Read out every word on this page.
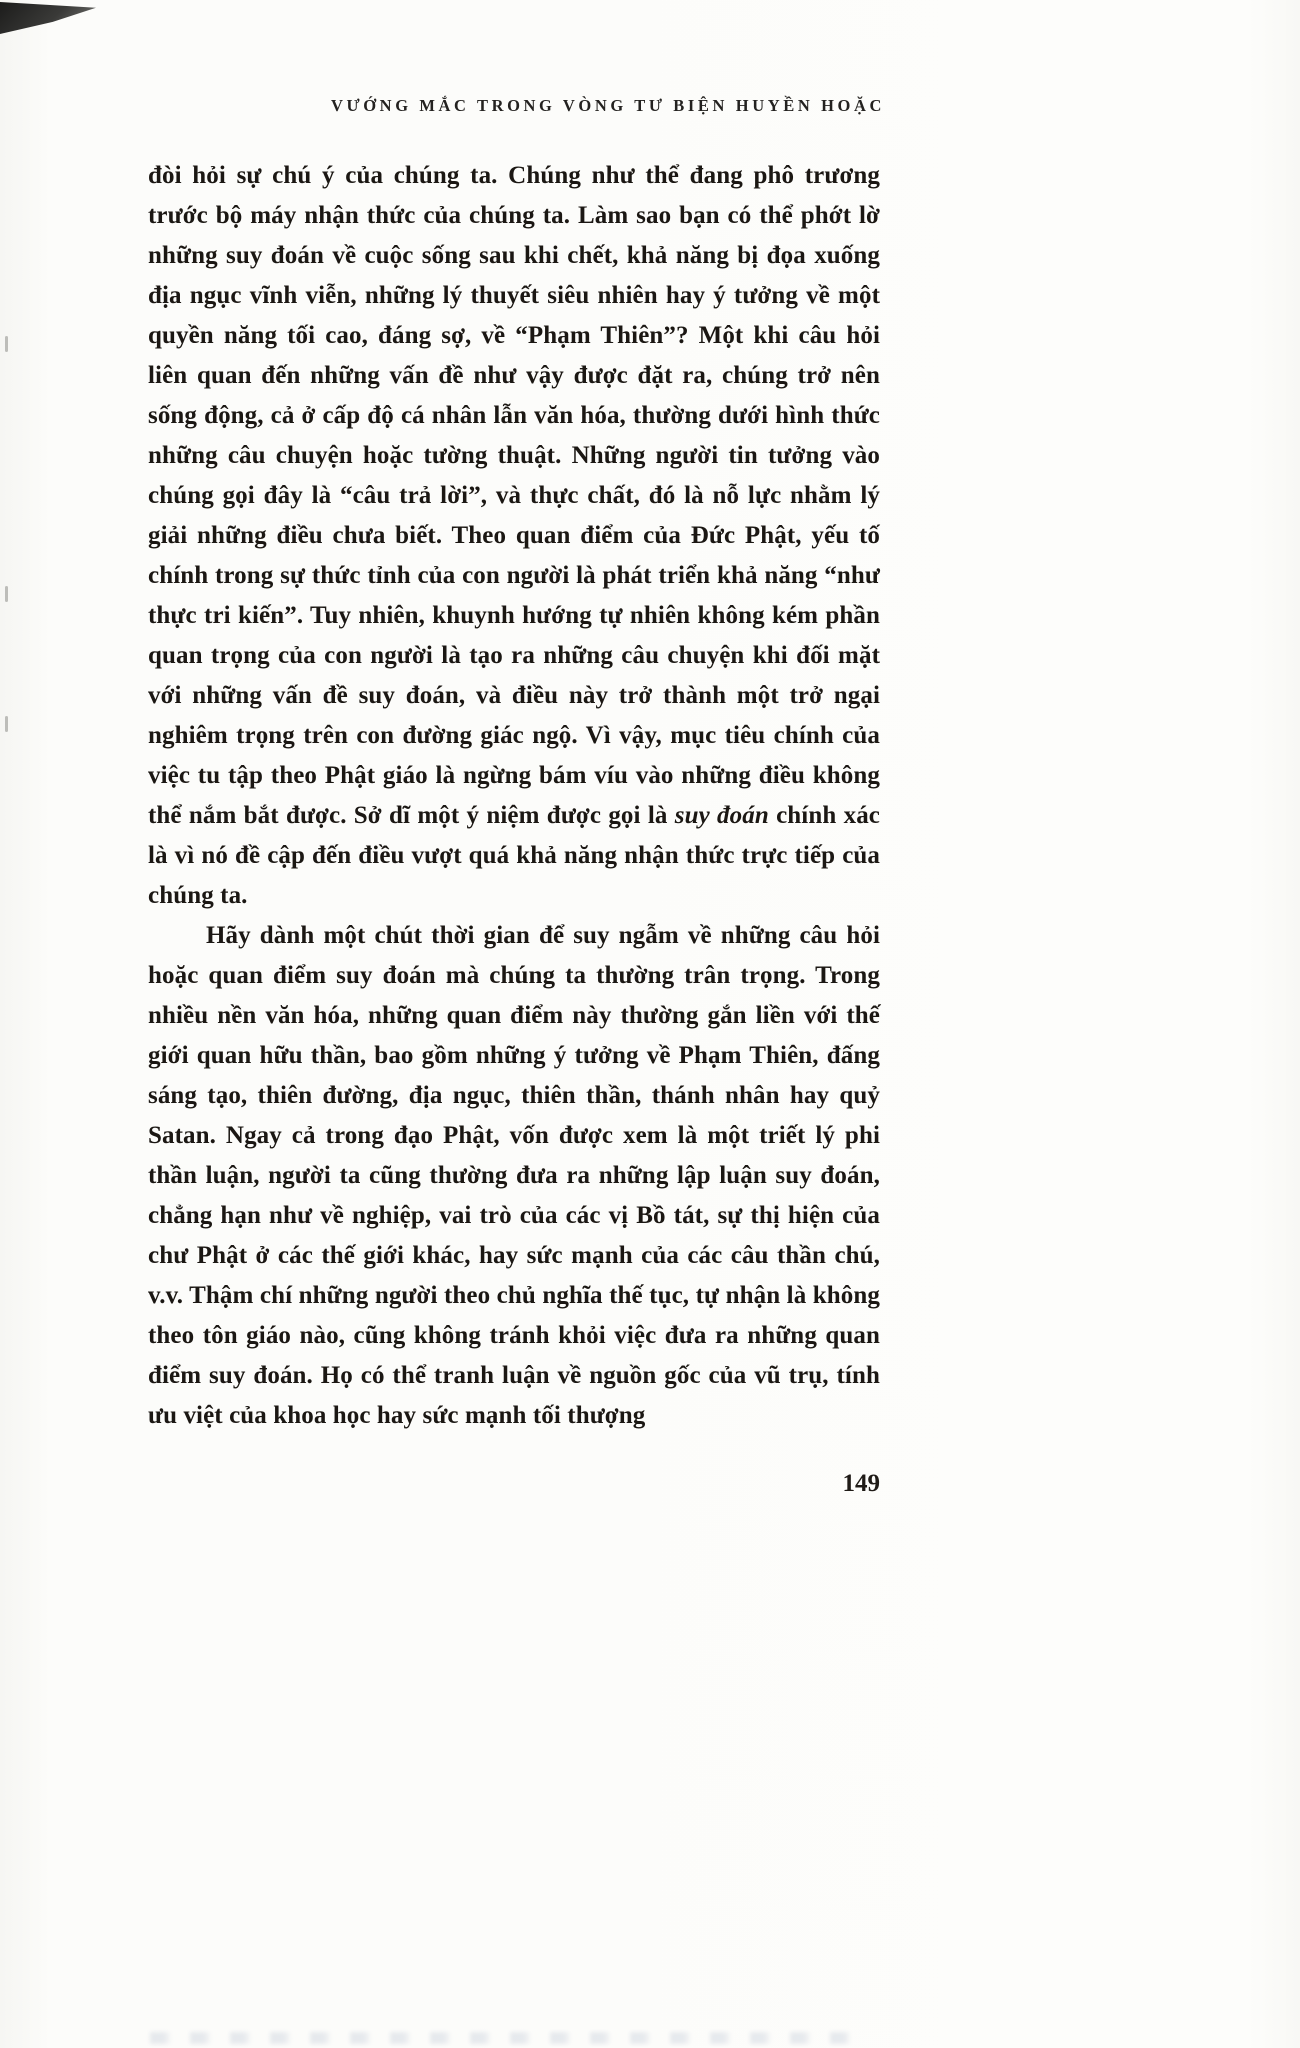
VƯỚNG MẮC TRONG VÒNG TƯ BIỆN HUYỀN HOẶC

đòi hỏi sự chú ý của chúng ta. Chúng như thể đang phô trương trước bộ máy nhận thức của chúng ta. Làm sao bạn có thể phớt lờ những suy đoán về cuộc sống sau khi chết, khả năng bị đọa xuống địa ngục vĩnh viễn, những lý thuyết siêu nhiên hay ý tưởng về một quyền năng tối cao, đáng sợ, về “Phạm Thiên”? Một khi câu hỏi liên quan đến những vấn đề như vậy được đặt ra, chúng trở nên sống động, cả ở cấp độ cá nhân lẫn văn hóa, thường dưới hình thức những câu chuyện hoặc tường thuật. Những người tin tưởng vào chúng gọi đây là “câu trả lời”, và thực chất, đó là nỗ lực nhằm lý giải những điều chưa biết. Theo quan điểm của Đức Phật, yếu tố chính trong sự thức tỉnh của con người là phát triển khả năng “như thực tri kiến”. Tuy nhiên, khuynh hướng tự nhiên không kém phần quan trọng của con người là tạo ra những câu chuyện khi đối mặt với những vấn đề suy đoán, và điều này trở thành một trở ngại nghiêm trọng trên con đường giác ngộ. Vì vậy, mục tiêu chính của việc tu tập theo Phật giáo là ngừng bám víu vào những điều không thể nắm bắt được. Sở dĩ một ý niệm được gọi là suy đoán chính xác là vì nó đề cập đến điều vượt quá khả năng nhận thức trực tiếp của chúng ta.

Hãy dành một chút thời gian để suy ngẫm về những câu hỏi hoặc quan điểm suy đoán mà chúng ta thường trân trọng. Trong nhiều nền văn hóa, những quan điểm này thường gắn liền với thế giới quan hữu thần, bao gồm những ý tưởng về Phạm Thiên, đấng sáng tạo, thiên đường, địa ngục, thiên thần, thánh nhân hay quỷ Satan. Ngay cả trong đạo Phật, vốn được xem là một triết lý phi thần luận, người ta cũng thường đưa ra những lập luận suy đoán, chẳng hạn như về nghiệp, vai trò của các vị Bồ tát, sự thị hiện của chư Phật ở các thế giới khác, hay sức mạnh của các câu thần chú, v.v. Thậm chí những người theo chủ nghĩa thế tục, tự nhận là không theo tôn giáo nào, cũng không tránh khỏi việc đưa ra những quan điểm suy đoán. Họ có thể tranh luận về nguồn gốc của vũ trụ, tính ưu việt của khoa học hay sức mạnh tối thượng

149
